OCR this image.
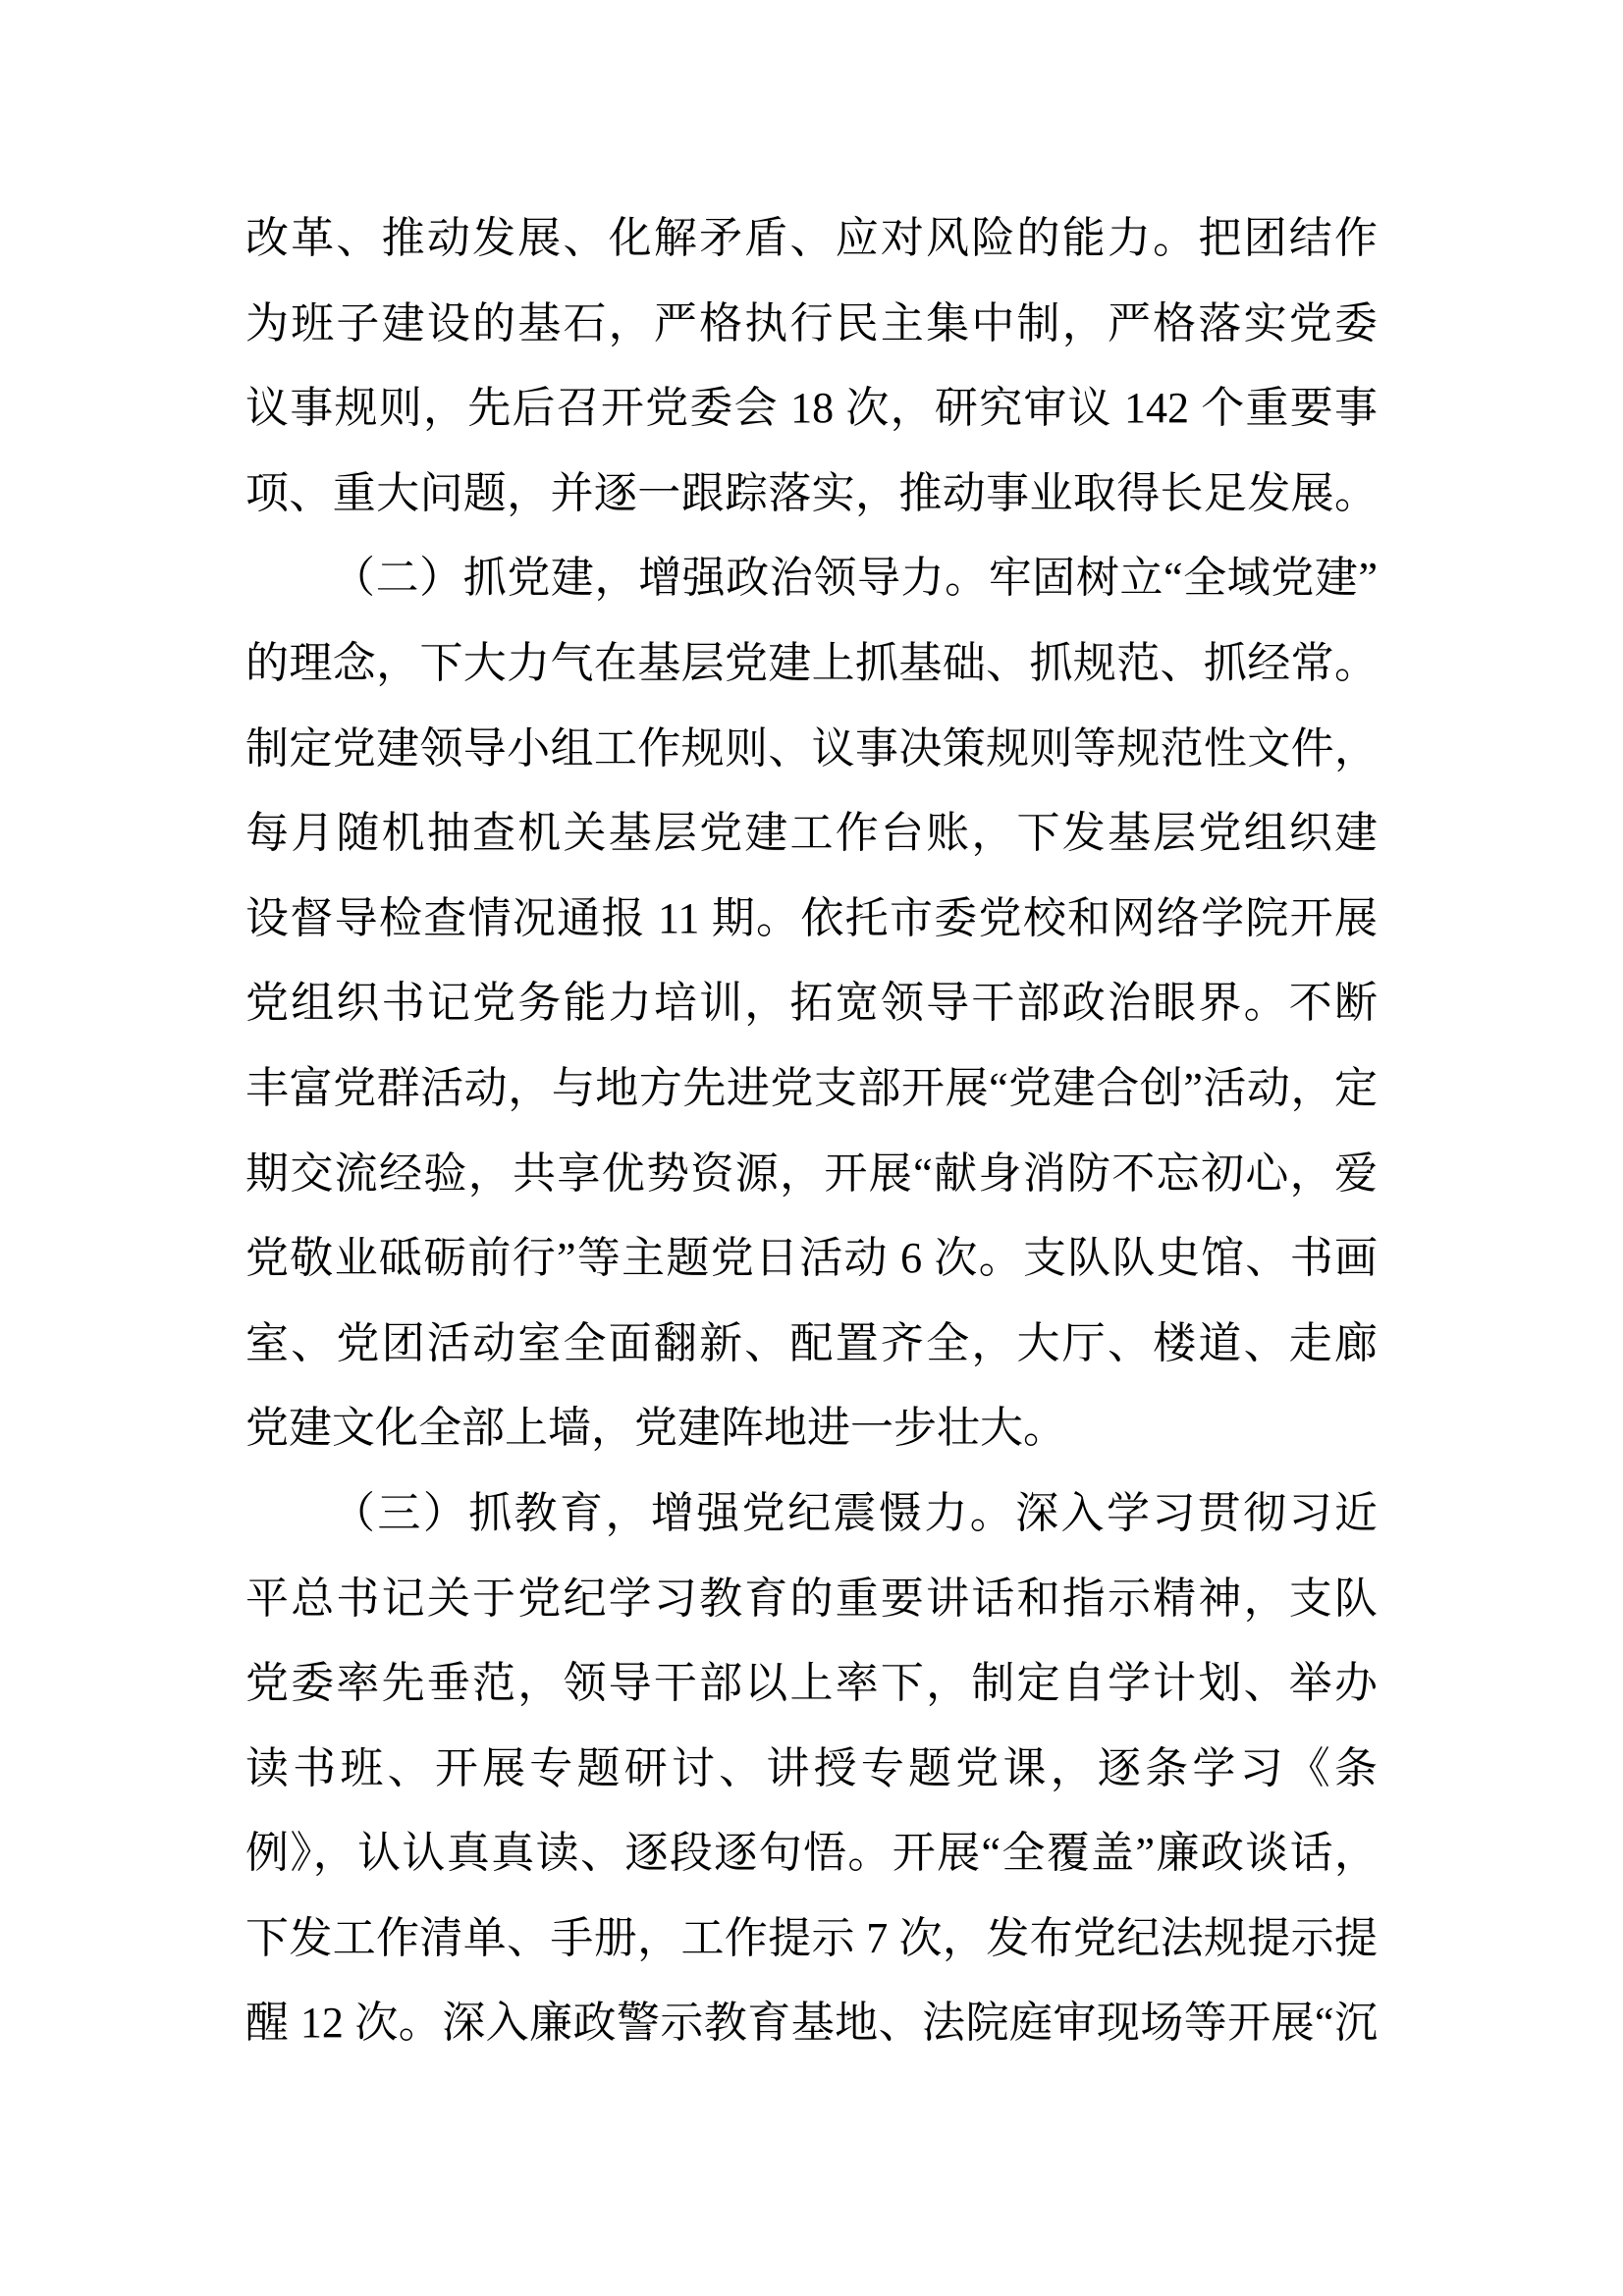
改革、推动发展、化解矛盾、应对风险的能力。把团结作
为班子建设的基石，严格执行民主集中制，严格落实党委
议事规则，先后召开党委会 18 次，研究审议 142 个重要事
项、重大问题，并逐一跟踪落实，推动事业取得长足发展。
（二）抓党建，增强政治领导力。牢固树立“全域党建”
的理念，下大力气在基层党建上抓基础、抓规范、抓经常。
制定党建领导小组工作规则、议事决策规则等规范性文件，
每月随机抽查机关基层党建工作台账，下发基层党组织建
设督导检查情况通报 11 期。依托市委党校和网络学院开展
党组织书记党务能力培训，拓宽领导干部政治眼界。不断
丰富党群活动，与地方先进党支部开展“党建合创”活动，定
期交流经验，共享优势资源，开展“献身消防不忘初心，爱
党敬业砥砺前行”等主题党日活动 6 次。支队队史馆、书画
室、党团活动室全面翻新、配置齐全，大厅、楼道、走廊
党建文化全部上墙，党建阵地进一步壮大。
（三）抓教育，增强党纪震慑力。深入学习贯彻习近
平总书记关于党纪学习教育的重要讲话和指示精神，支队
党委率先垂范，领导干部以上率下，制定自学计划、举办
读书班、开展专题研讨、讲授专题党课，逐条学习《条
例》，认认真真读、逐段逐句悟。开展“全覆盖”廉政谈话，
下发工作清单、手册，工作提示 7 次，发布党纪法规提示提
醒 12 次。深入廉政警示教育基地、法院庭审现场等开展“沉
